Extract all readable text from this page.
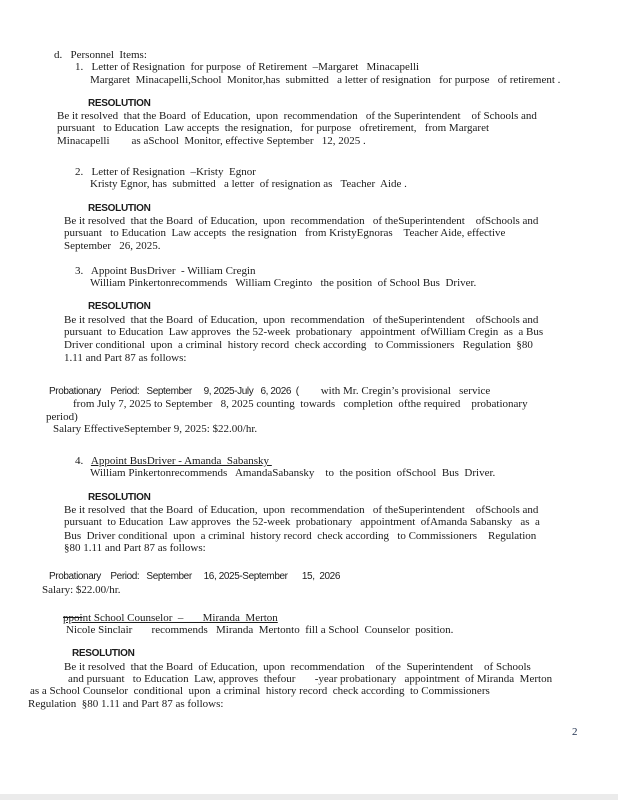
d.   Personnel  Items:
1.   Letter of Resignation  for purpose  of Retirement  –Margaret   Minacapelli
Margaret  Minacapelli,School  Monitor,has  submitted   a letter of resignation   for purpose   of retirement .
RESOLUTION
Be it resolved  that the Board  of Education,  upon  recommendation   of the Superintendent    of Schools and
pursuant   to Education  Law accepts  the resignation,   for purpose   ofretirement,   from Margaret
Minacapelli        as aSchool  Monitor, effective September   12, 2025 .
2.   Letter of Resignation  –Kristy  Egnor
Kristy Egnor, has  submitted   a letter  of resignation as   Teacher  Aide .
RESOLUTION
Be it resolved  that the Board  of Education,  upon  recommendation   of theSuperintendent    ofSchools and
pursuant   to Education  Law accepts  the resignation   from KristyEgnoras    Teacher Aide, effective
September   26, 2025.
3.   Appoint BusDriver  - William Cregin
William Pinkertonrecommends   William Creginto   the position  of School Bus  Driver.
RESOLUTION
Be it resolved  that the Board  of Education,  upon  recommendation   of theSuperintendent    ofSchools and
pursuant  to Education  Law approves  the 52-week  probationary   appointment  ofWilliam Cregin  as  a Bus
Driver conditional  upon  a criminal  history record  check according   to Commissioners   Regulation  §80
1.11 and Part 87 as follows:
Probationary    Period:   September     9, 2025-July   6, 2026  (        with Mr. Cregin’s provisional   service
from July 7, 2025 to September   8, 2025 counting  towards   completion  ofthe required    probationary
period)
Salary EffectiveSeptember 9, 2025: $22.00/hr.
4.   Appoint BusDriver - Amanda  Sabansky
William Pinkertonrecommends   AmandaSabansky    to  the position  ofSchool  Bus  Driver.
RESOLUTION
Be it resolved  that the Board  of Education,  upon  recommendation   of theSuperintendent    ofSchools and
pursuant  to Education  Law approves  the 52-week  probationary   appointment  ofAmanda Sabansky   as  a
Bus  Driver conditional  upon  a criminal  history record  check according   to Commissioners    Regulation
§80 1.11 and Part 87 as follows:
Probationary    Period:   September     16, 2025-September      15,  2026
Salary: $22.00/hr.
ppoint School Counselor  –       Miranda  Merton
Nicole Sinclair       recommends   Miranda  Mertonto  fill a School  Counselor  position.
RESOLUTION
Be it resolved  that the Board  of Education,  upon  recommendation    of the  Superintendent    of Schools
and pursuant   to Education  Law, approves  thefour       -year probationary   appointment  of Miranda  Merton
as a School Counselor  conditional  upon  a criminal  history record  check according  to Commissioners
Regulation  §80 1.11 and Part 87 as follows:
2
